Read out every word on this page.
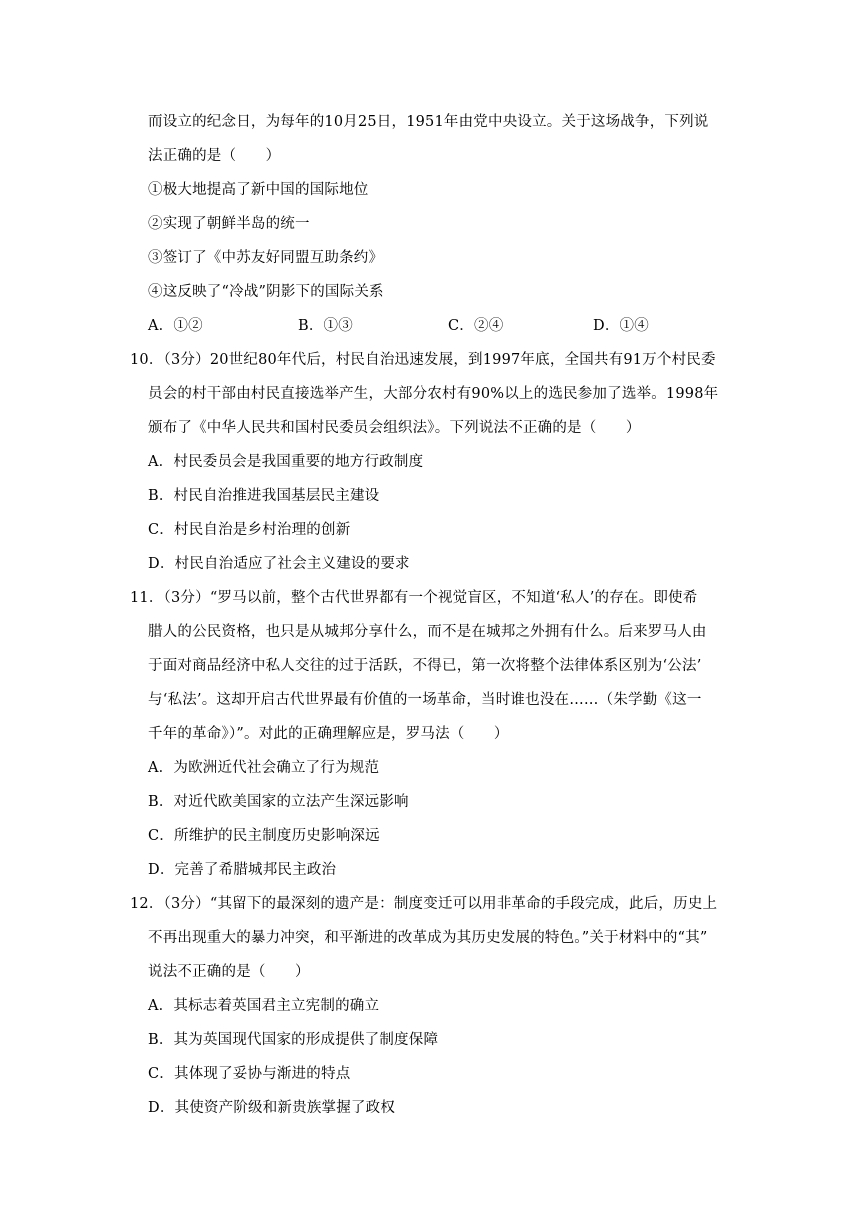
而设立的纪念日，为每年的10月25日，1951年由党中央设立。关于这场战争，下列说
法正确的是（　　）
①极大地提高了新中国的国际地位
②实现了朝鲜半岛的统一
③签订了《中苏友好同盟互助条约》
④这反映了“冷战”阴影下的国际关系
A．①②	B．①③	C．②④	D．①④
10．（3分）20世纪80年代后，村民自治迅速发展，到1997年底，全国共有91万个村民委
员会的村干部由村民直接选举产生，大部分农村有90%以上的选民参加了选举。1998年
颁布了《中华人民共和国村民委员会组织法》。下列说法不正确的是（　　）
A．村民委员会是我国重要的地方行政制度
B．村民自治推进我国基层民主建设
C．村民自治是乡村治理的创新
D．村民自治适应了社会主义建设的要求
11．（3分）“罗马以前，整个古代世界都有一个视觉盲区，不知道‘私人’的存在。即使希
腊人的公民资格，也只是从城邦分享什么，而不是在城邦之外拥有什么。后来罗马人由
于面对商品经济中私人交往的过于活跃，不得已，第一次将整个法律体系区别为‘公法’
与‘私法’。这却开启古代世界最有价值的一场革命，当时谁也没在……（朱学勤《这一
千年的革命》）”。对此的正确理解应是，罗马法（　　）
A．为欧洲近代社会确立了行为规范
B．对近代欧美国家的立法产生深远影响
C．所维护的民主制度历史影响深远
D．完善了希腊城邦民主政治
12．（3分）“其留下的最深刻的遗产是：制度变迁可以用非革命的手段完成，此后，历史上
不再出现重大的暴力冲突，和平渐进的改革成为其历史发展的特色。”关于材料中的“其”
说法不正确的是（　　）
A．其标志着英国君主立宪制的确立
B．其为英国现代国家的形成提供了制度保障
C．其体现了妥协与渐进的特点
D．其使资产阶级和新贵族掌握了政权
